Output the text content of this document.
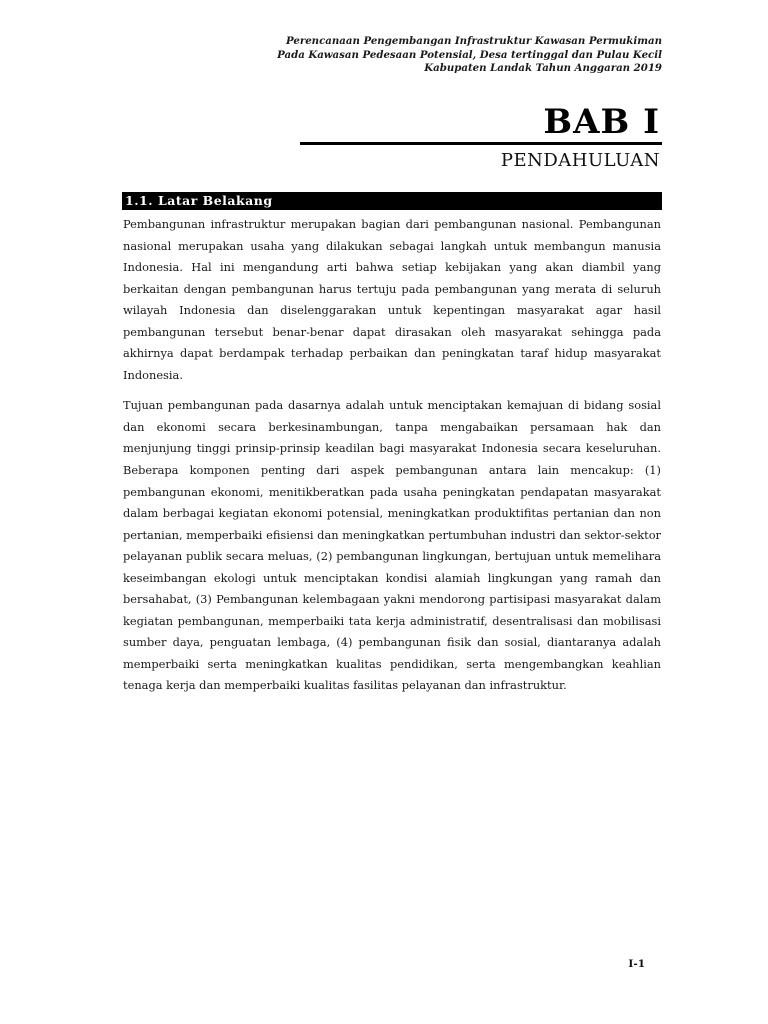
Perencanaan Pengembangan Infrastruktur Kawasan Permukiman
Pada Kawasan Pedesaan Potensial, Desa tertinggal dan Pulau Kecil
Kabupaten Landak Tahun Anggaran 2019
BAB I
PENDAHULUAN
1.1. Latar Belakang

Pembangunan infrastruktur merupakan bagian dari pembangunan nasional. Pembangunan nasional merupakan usaha yang dilakukan sebagai langkah untuk membangun manusia Indonesia. Hal ini mengandung arti bahwa setiap kebijakan yang akan diambil yang berkaitan dengan pembangunan harus tertuju pada pembangunan yang merata di seluruh wilayah Indonesia dan diselenggarakan untuk kepentingan masyarakat agar hasil pembangunan tersebut benar-benar dapat dirasakan oleh masyarakat sehingga pada akhirnya dapat berdampak terhadap perbaikan dan peningkatan taraf hidup masyarakat Indonesia.

Tujuan pembangunan pada dasarnya adalah untuk menciptakan kemajuan di bidang sosial dan ekonomi secara berkesinambungan, tanpa mengabaikan persamaan hak dan menjunjung tinggi prinsip-prinsip keadilan bagi masyarakat Indonesia secara keseluruhan. Beberapa komponen penting dari aspek pembangunan antara lain mencakup: (1) pembangunan ekonomi, menitikberatkan pada usaha peningkatan pendapatan masyarakat dalam berbagai kegiatan ekonomi potensial, meningkatkan produktifitas pertanian dan non pertanian, memperbaiki efisiensi dan meningkatkan pertumbuhan industri dan sektor-sektor pelayanan publik secara meluas, (2) pembangunan lingkungan, bertujuan untuk memelihara keseimbangan ekologi untuk menciptakan kondisi alamiah lingkungan yang ramah dan bersahabat, (3) Pembangunan kelembagaan yakni mendorong partisipasi masyarakat dalam kegiatan pembangunan, memperbaiki tata kerja administratif, desentralisasi dan mobilisasi sumber daya, penguatan lembaga, (4) pembangunan fisik dan sosial, diantaranya adalah memperbaiki serta meningkatkan kualitas pendidikan, serta mengembangkan keahlian tenaga kerja dan memperbaiki kualitas fasilitas pelayanan dan infrastruktur.

I-1
